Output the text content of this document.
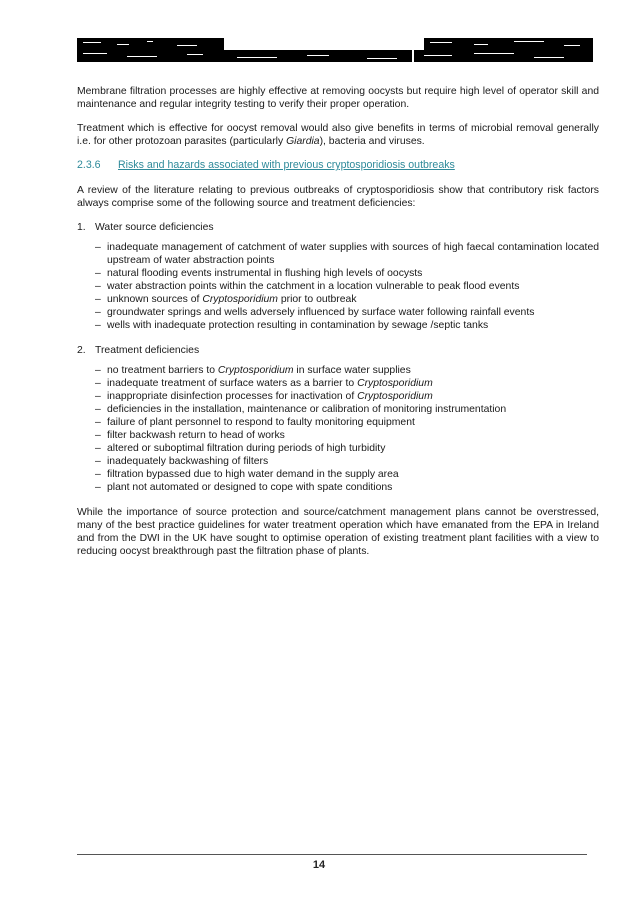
Membrane filtration processes are highly effective at removing oocysts but require high level of operator skill and maintenance and regular integrity testing to verify their proper operation.

Treatment which is effective for oocyst removal would also give benefits in terms of microbial removal generally i.e. for other protozoan parasites (particularly Giardia), bacteria and viruses.

2.3.6 Risks and hazards associated with previous cryptosporidiosis outbreaks

A review of the literature relating to previous outbreaks of cryptosporidiosis show that contributory risk factors always comprise some of the following source and treatment deficiencies:

1. Water source deficiencies

– inadequate management of catchment of water supplies with sources of high faecal contamination located upstream of water abstraction points
– natural flooding events instrumental in flushing high levels of oocysts
– water abstraction points within the catchment in a location vulnerable to peak flood events
– unknown sources of Cryptosporidium prior to outbreak
– groundwater springs and wells adversely influenced by surface water following rainfall events
– wells with inadequate protection resulting in contamination by sewage /septic tanks

2. Treatment deficiencies

– no treatment barriers to Cryptosporidium in surface water supplies
– inadequate treatment of surface waters as a barrier to Cryptosporidium
– inappropriate disinfection processes for inactivation of Cryptosporidium
– deficiencies in the installation, maintenance or calibration of monitoring instrumentation
– failure of plant personnel to respond to faulty monitoring equipment
– filter backwash return to head of works
– altered or suboptimal filtration during periods of high turbidity
– inadequately backwashing of filters
– filtration bypassed due to high water demand in the supply area
– plant not automated or designed to cope with spate conditions

While the importance of source protection and source/catchment management plans cannot be overstressed, many of the best practice guidelines for water treatment operation which have emanated from the EPA in Ireland and from the DWI in the UK have sought to optimise operation of existing treatment plant facilities with a view to reducing oocyst breakthrough past the filtration phase of plants.

14
